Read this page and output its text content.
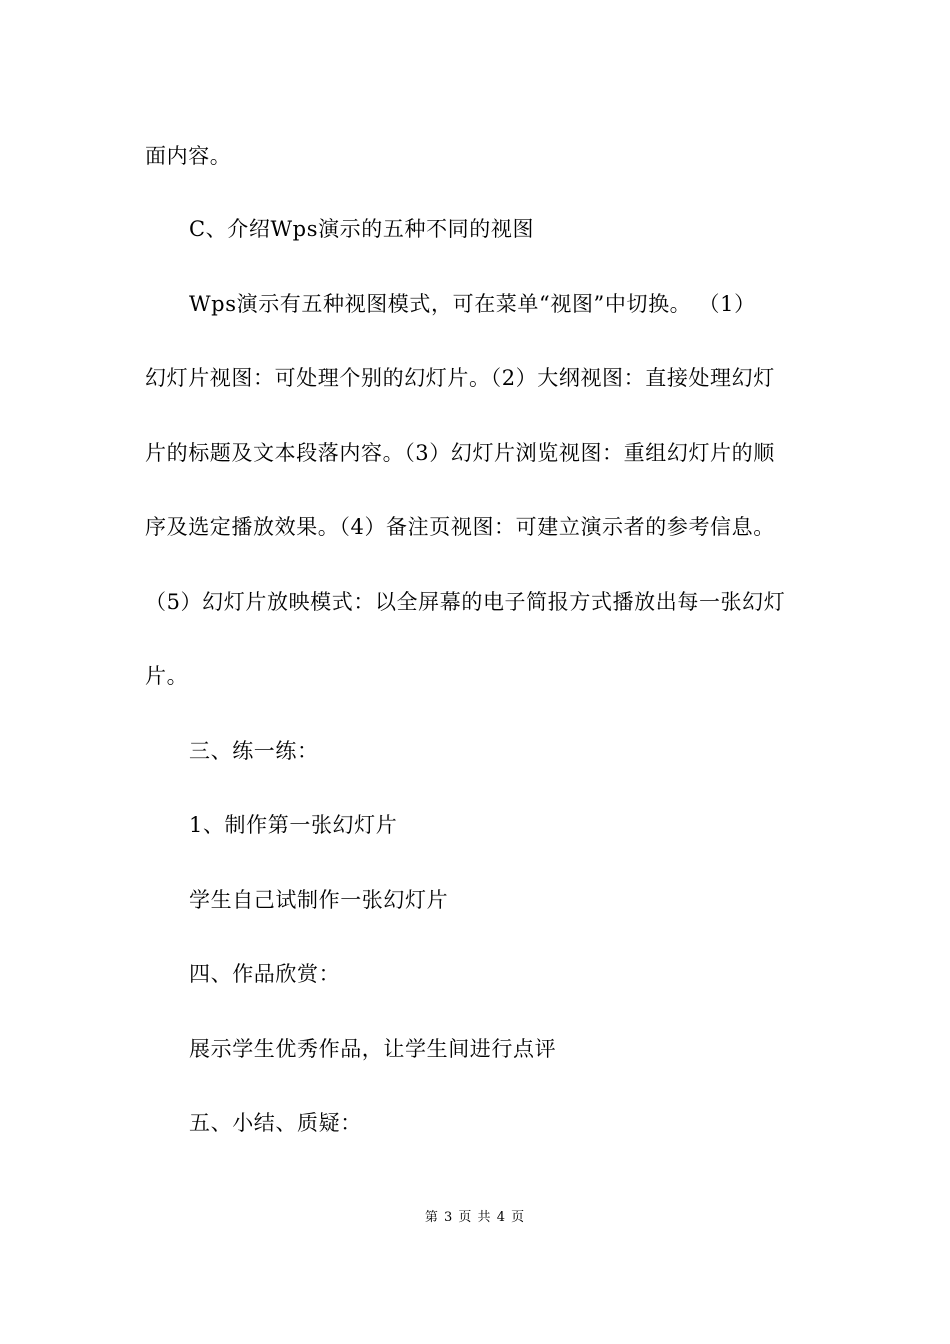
面内容。
C、介绍Wps演示的五种不同的视图
Wps演示有五种视图模式，可在菜单“视图”中切换。 （1）
幻灯片视图：可处理个别的幻灯片。（2）大纲视图：直接处理幻灯
片的标题及文本段落内容。（3）幻灯片浏览视图：重组幻灯片的顺
序及选定播放效果。（4）备注页视图：可建立演示者的参考信息。
（5）幻灯片放映模式：以全屏幕的电子简报方式播放出每一张幻灯
片。
三、练一练：
1、制作第一张幻灯片
学生自己试制作一张幻灯片
四、作品欣赏：
展示学生优秀作品，让学生间进行点评
五、小结、质疑：
第 3 页 共 4 页
